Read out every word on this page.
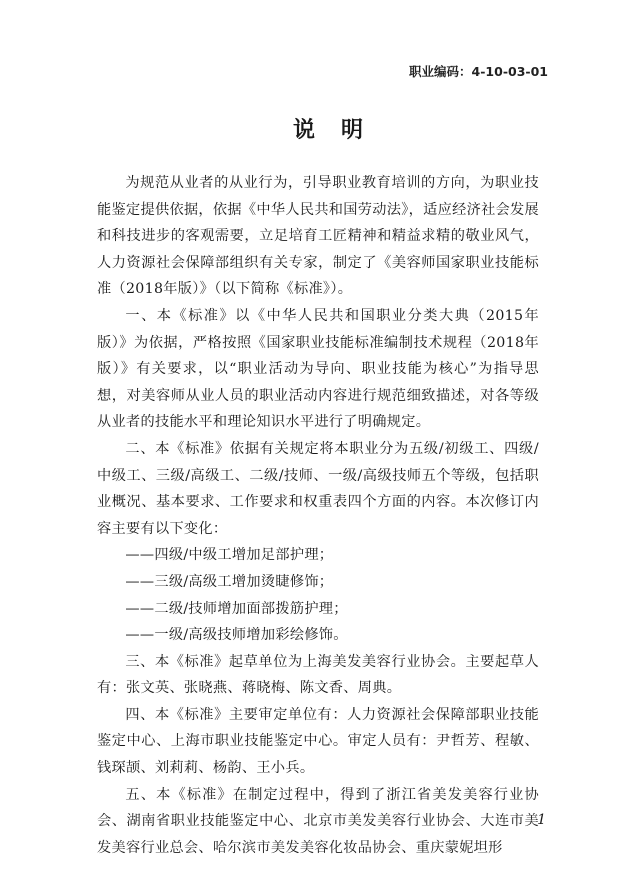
职业编码：4-10-03-01
说明

为规范从业者的从业行为，引导职业教育培训的方向，为职业技能鉴定提供依据，依据《中华人民共和国劳动法》，适应经济社会发展和科技进步的客观需要，立足培育工匠精神和精益求精的敬业风气，人力资源社会保障部组织有关专家，制定了《美容师国家职业技能标准（2018年版）》（以下简称《标准》）。

一、本《标准》以《中华人民共和国职业分类大典（2015年版）》为依据，严格按照《国家职业技能标准编制技术规程（2018年版）》有关要求，以“职业活动为导向、职业技能为核心”为指导思想，对美容师从业人员的职业活动内容进行规范细致描述，对各等级从业者的技能水平和理论知识水平进行了明确规定。

二、本《标准》依据有关规定将本职业分为五级/初级工、四级/中级工、三级/高级工、二级/技师、一级/高级技师五个等级，包括职业概况、基本要求、工作要求和权重表四个方面的内容。本次修订内容主要有以下变化：

——四级/中级工增加足部护理；

——三级/高级工增加烫睫修饰；

——二级/技师增加面部拨筋护理；

——一级/高级技师增加彩绘修饰。

三、本《标准》起草单位为上海美发美容行业协会。主要起草人有：张文英、张晓燕、蒋晓梅、陈文香、周典。

四、本《标准》主要审定单位有：人力资源社会保障部职业技能鉴定中心、上海市职业技能鉴定中心。审定人员有：尹哲芳、程敏、钱琛颉、刘莉莉、杨韵、王小兵。

五、本《标准》在制定过程中，得到了浙江省美发美容行业协会、湖南省职业技能鉴定中心、北京市美发美容行业协会、大连市美发美容行业总会、哈尔滨市美发美容化妆品协会、重庆蒙妮坦形

1
